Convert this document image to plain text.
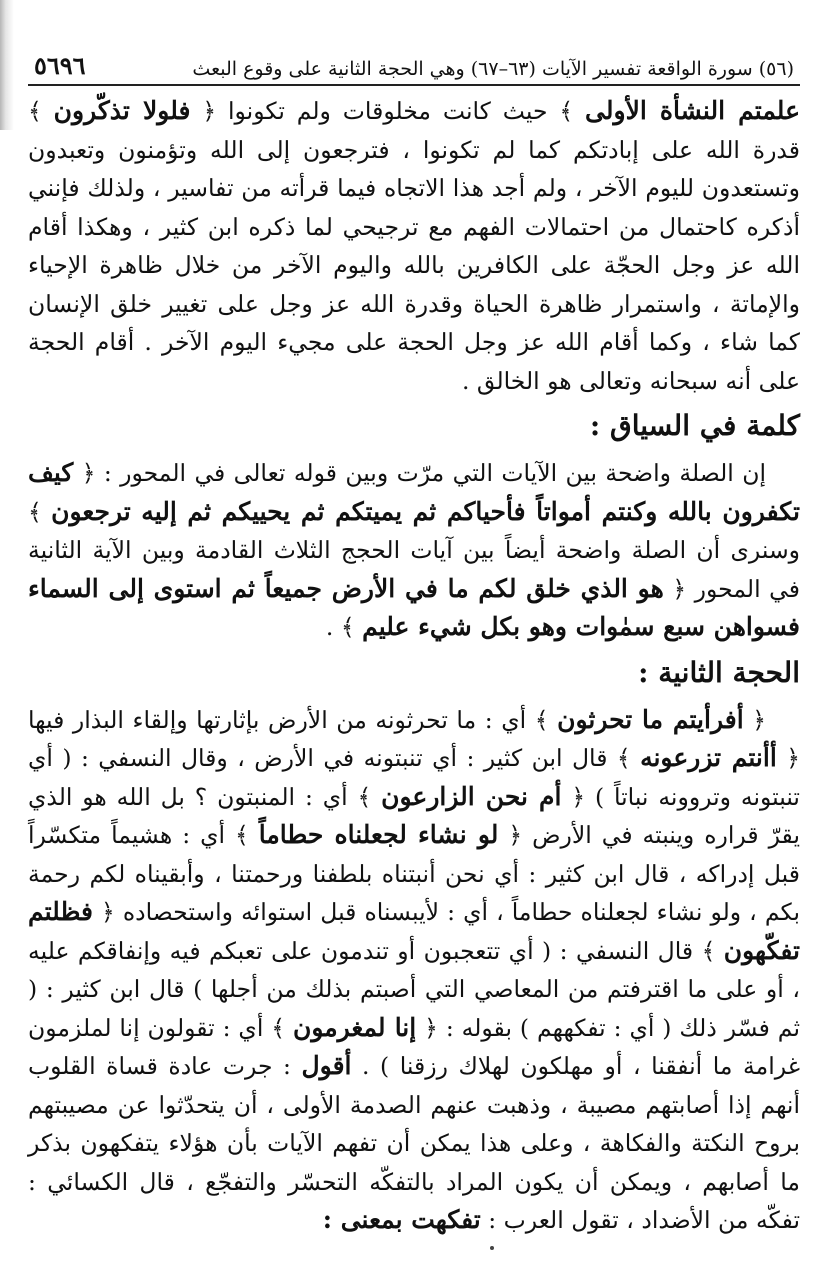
٥٦٩٦	(٥٦) سورة الواقعة تفسير الآيات (٦٣–٦٧) وهي الحجة الثانية على وقوع البعث

علمتم النشأة الأولى ﴾ حيث كانت مخلوقات ولم تكونوا ﴿ فلولا تذكّرون ﴾ قدرة الله على إبادتكم كما لم تكونوا ، فترجعون إلى الله وتؤمنون وتعبدون وتستعدون لليوم الآخر ، ولم أجد هذا الاتجاه فيما قرأته من تفاسير ، ولذلك فإنني أذكره كاحتمال من احتمالات الفهم مع ترجيحي لما ذكره ابن كثير ، وهكذا أقام الله عز وجل الحجّة على الكافرين بالله واليوم الآخر من خلال ظاهرة الإحياء والإماتة ، واستمرار ظاهرة الحياة وقدرة الله عز وجل على تغيير خلق الإنسان كما شاء ، وكما أقام الله عز وجل الحجة على مجيء اليوم الآخر . أقام الحجة على أنه سبحانه وتعالى هو الخالق .

كلمة في السياق :

إن الصلة واضحة بين الآيات التي مرّت وبين قوله تعالى في المحور : ﴿ كيف تكفرون بالله وكنتم أمواتاً فأحياكم ثم يميتكم ثم يحييكم ثم إليه ترجعون ﴾ وسنرى أن الصلة واضحة أيضاً بين آيات الحجج الثلاث القادمة وبين الآية الثانية في المحور ﴿ هو الذي خلق لكم ما في الأرض جميعاً ثم استوى إلى السماء فسواهن سبع سمٰوات وهو بكل شيء عليم ﴾ .

الحجة الثانية :

﴿ أفرأيتم ما تحرثون ﴾ أي : ما تحرثونه من الأرض بإثارتها وإلقاء البذار فيها ﴿ أأنتم تزرعونه ﴾ قال ابن كثير : أي تنبتونه في الأرض ، وقال النسفي : ( أي تنبتونه وتروونه نباتاً ) ﴿ أم نحن الزارعون ﴾ أي : المنبتون ؟ بل الله هو الذي يقرّ قراره وينبته في الأرض ﴿ لو نشاء لجعلناه حطاماً ﴾ أي : هشيماً متكسّراً قبل إدراكه ، قال ابن كثير : أي نحن أنبتناه بلطفنا ورحمتنا ، وأبقيناه لكم رحمة بكم ، ولو نشاء لجعلناه حطاماً ، أي : لأيبسناه قبل استوائه واستحصاده ﴿ فظلتم تفكّهون ﴾ قال النسفي : ( أي تتعجبون أو تندمون على تعبكم فيه وإنفاقكم عليه ، أو على ما اقترفتم من المعاصي التي أصبتم بذلك من أجلها ) قال ابن كثير : ( ثم فسّر ذلك ( أي : تفكههم ) بقوله : ﴿ إنا لمغرمون ﴾ أي : تقولون إنا لملزمون غرامة ما أنفقنا ، أو مهلكون لهلاك رزقنا ) . أقول : جرت عادة قساة القلوب أنهم إذا أصابتهم مصيبة ، وذهبت عنهم الصدمة الأولى ، أن يتحدّثوا عن مصيبتهم بروح النكتة والفكاهة ، وعلى هذا يمكن أن تفهم الآيات بأن هؤلاء يتفكهون بذكر ما أصابهم ، ويمكن أن يكون المراد بالتفكّه التحسّر والتفجّع ، قال الكسائي : تفكّه من الأضداد ، تقول العرب : تفكهت بمعنى :
